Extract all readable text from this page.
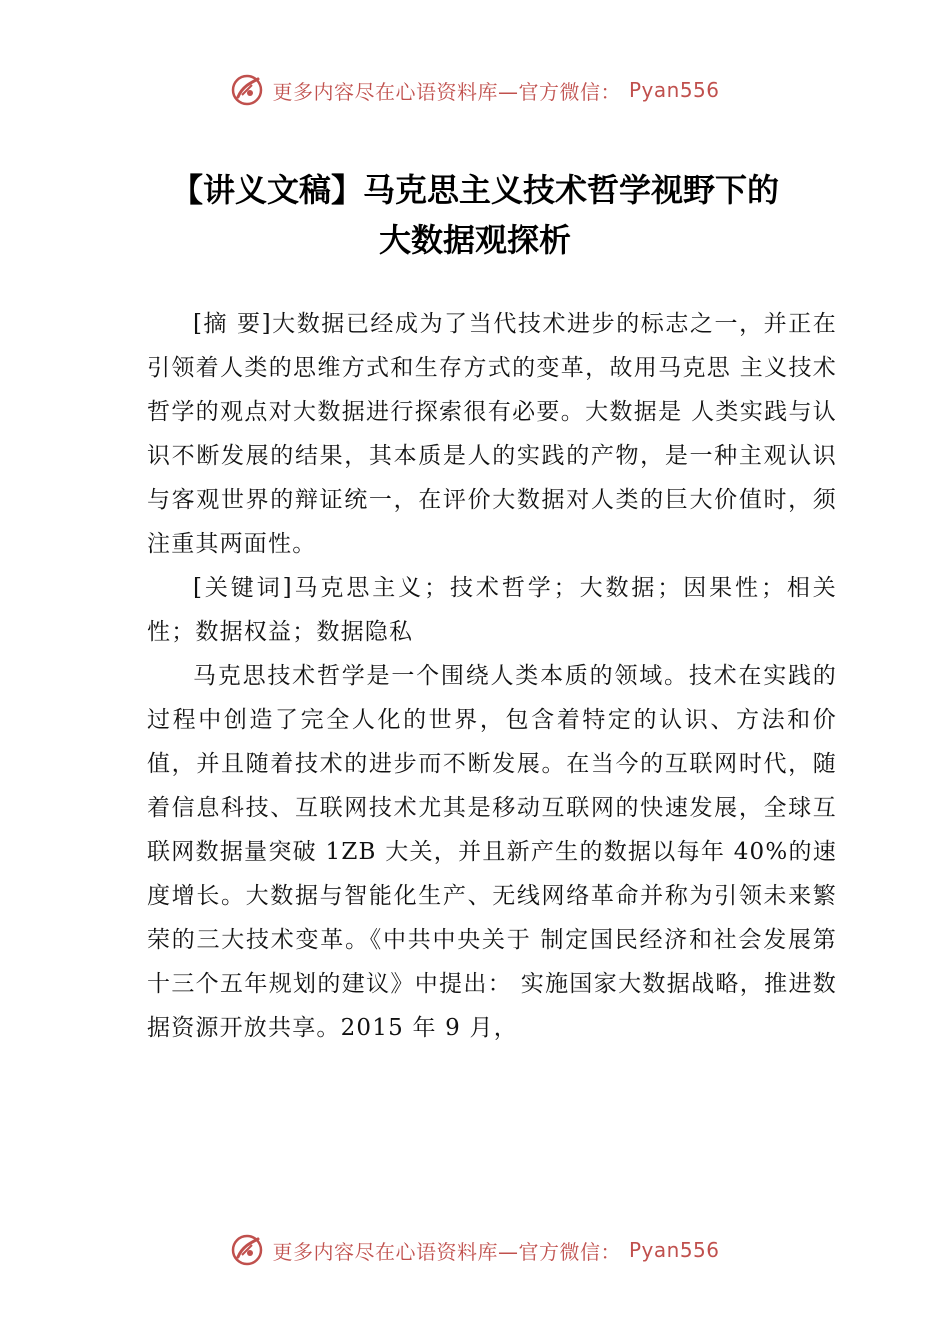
更多内容尽在心语资料库—官方微信： Pyan556
【讲义文稿】马克思主义技术哲学视野下的
大数据观探析

[摘 要]大数据已经成为了当代技术进步的标志之一，并正在引领着人类的思维方式和生存方式的变革，故用马克思 主义技术哲学的观点对大数据进行探索很有必要。大数据是 人类实践与认识不断发展的结果，其本质是人的实践的产物，是一种主观认识与客观世界的辩证统一，在评价大数据对人类的巨大价值时，须注重其两面性。

[关键词]马克思主义；技术哲学；大数据；因果性；相关性；数据权益；数据隐私

马克思技术哲学是一个围绕人类本质的领域。技术在实践的过程中创造了完全人化的世界，包含着特定的认识、方法和价值，并且随着技术的进步而不断发展。在当今的互联网时代，随着信息科技、互联网技术尤其是移动互联网的快速发展，全球互联网数据量突破 1ZB 大关，并且新产生的数据以每年 40%的速度增长。大数据与智能化生产、无线网络革命并称为引领未来繁荣的三大技术变革。《中共中央关于 制定国民经济和社会发展第十三个五年规划的建议》中提出： 实施国家大数据战略，推进数据资源开放共享。2015 年 9 月，

更多内容尽在心语资料库—官方微信： Pyan556
